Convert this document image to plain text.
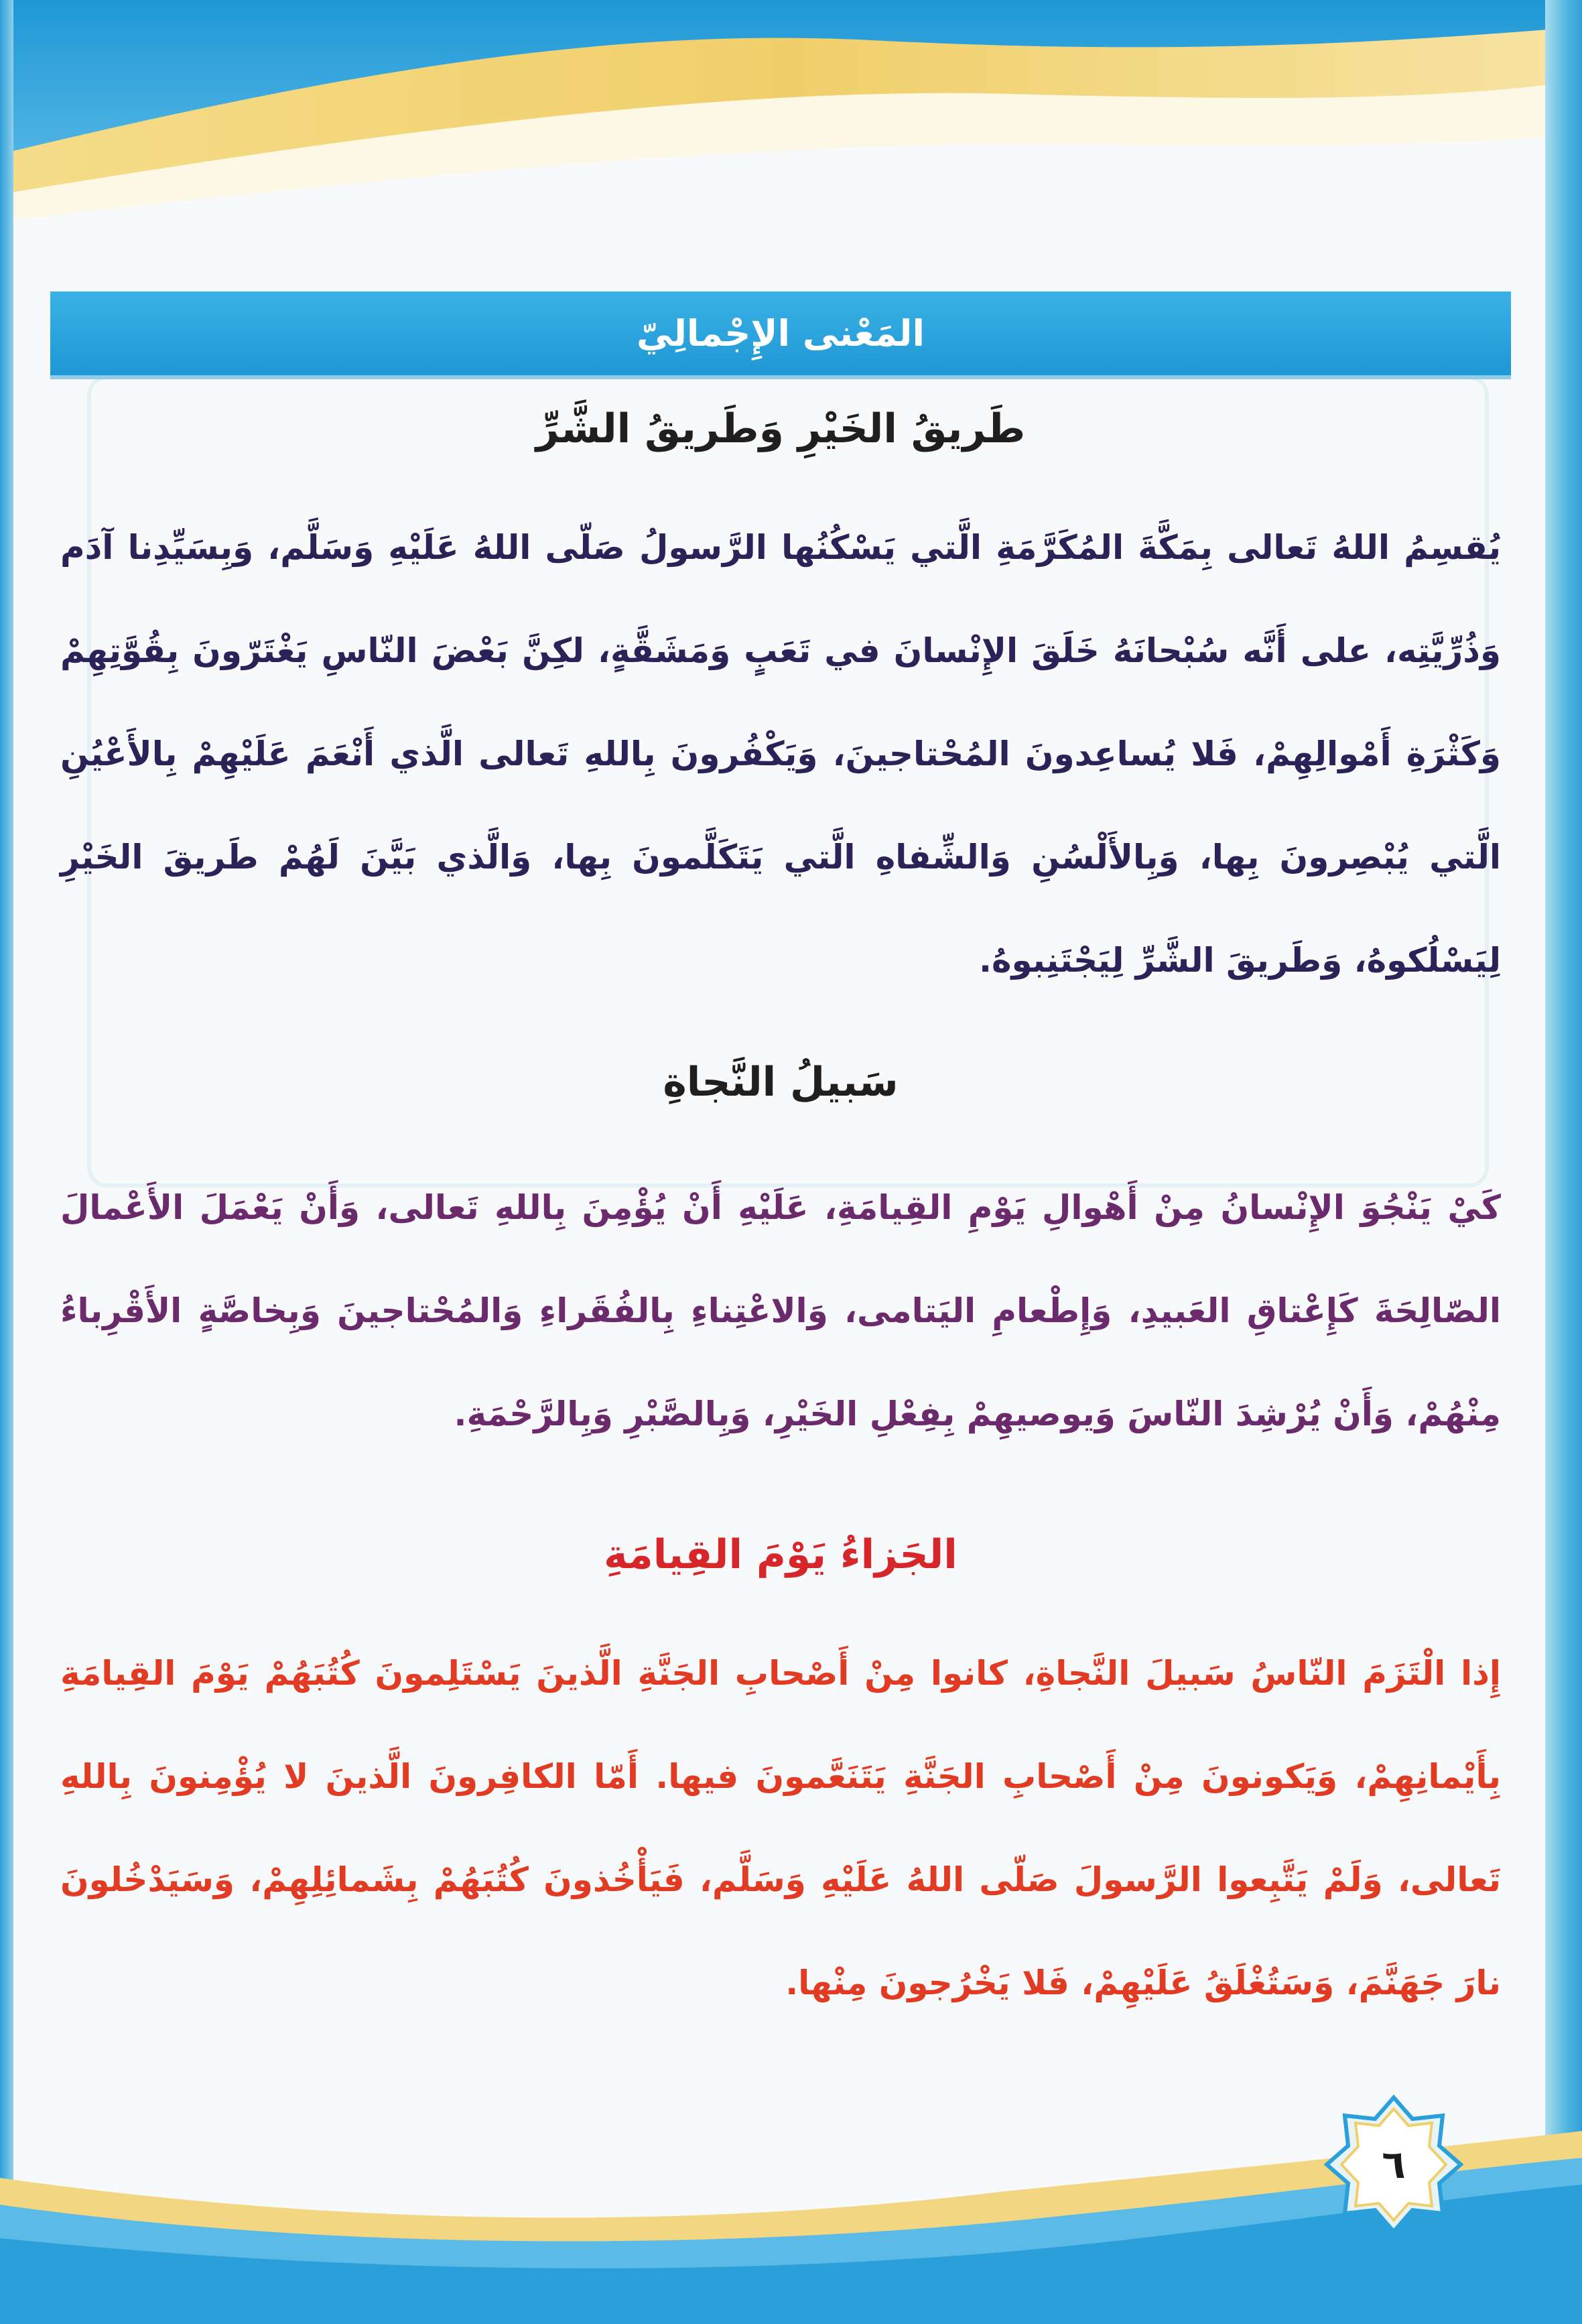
المَعْنى الإِجْمالِيّ
طَريقُ الخَيْرِ وَطَريقُ الشَّرِّ
يُقسِمُ اللهُ تَعالى بِمَكَّةَ المُكَرَّمَةِ الَّتي يَسْكُنُها الرَّسولُ صَلّى اللهُ عَلَيْهِ وَسَلَّم، وَبِسَيِّدِنا آدَم وَذُرِّيَّتِه، على أَنَّه سُبْحانَهُ خَلَقَ الإِنْسانَ في تَعَبٍ وَمَشَقَّةٍ، لكِنَّ بَعْضَ النّاسِ يَغْتَرّونَ بِقُوَّتِهِمْ وَكَثْرَةِ أَمْوالِهِمْ، فَلا يُساعِدونَ المُحْتاجينَ، وَيَكْفُرونَ بِاللهِ تَعالى الَّذي أَنْعَمَ عَلَيْهِمْ بِالأَعْيُنِ الَّتي يُبْصِرونَ بِها، وَبِالأَلْسُنِ وَالشِّفاهِ الَّتي يَتَكَلَّمونَ بِها، وَالَّذي بَيَّنَ لَهُمْ طَريقَ الخَيْرِ لِيَسْلُكوهُ، وَطَريقَ الشَّرِّ لِيَجْتَنِبوهُ.
سَبيلُ النَّجاةِ
كَيْ يَنْجُوَ الإِنْسانُ مِنْ أَهْوالِ يَوْمِ القِيامَةِ، عَلَيْهِ أَنْ يُؤْمِنَ بِاللهِ تَعالى، وَأَنْ يَعْمَلَ الأَعْمالَ الصّالِحَةَ كَإِعْتاقِ العَبيدِ، وَإِطْعامِ اليَتامى، وَالاعْتِناءِ بِالفُقَراءِ وَالمُحْتاجينَ وَبِخاصَّةٍ الأَقْرِباءُ مِنْهُمْ، وَأَنْ يُرْشِدَ النّاسَ وَيوصيهِمْ بِفِعْلِ الخَيْرِ، وَبِالصَّبْرِ وَبِالرَّحْمَةِ.
الجَزاءُ يَوْمَ القِيامَةِ
إِذا الْتَزَمَ النّاسُ سَبيلَ النَّجاةِ، كانوا مِنْ أَصْحابِ الجَنَّةِ الَّذينَ يَسْتَلِمونَ كُتُبَهُمْ يَوْمَ القِيامَةِ بِأَيْمانِهِمْ، وَيَكونونَ مِنْ أَصْحابِ الجَنَّةِ يَتَنَعَّمونَ فيها. أَمّا الكافِرونَ الَّذينَ لا يُؤْمِنونَ بِاللهِ تَعالى، وَلَمْ يَتَّبِعوا الرَّسولَ صَلّى اللهُ عَلَيْهِ وَسَلَّم، فَيَأْخُذونَ كُتُبَهُمْ بِشَمائِلِهِمْ، وَسَيَدْخُلونَ نارَ جَهَنَّمَ، وَسَتُغْلَقُ عَلَيْهِمْ، فَلا يَخْرُجونَ مِنْها.
٦
